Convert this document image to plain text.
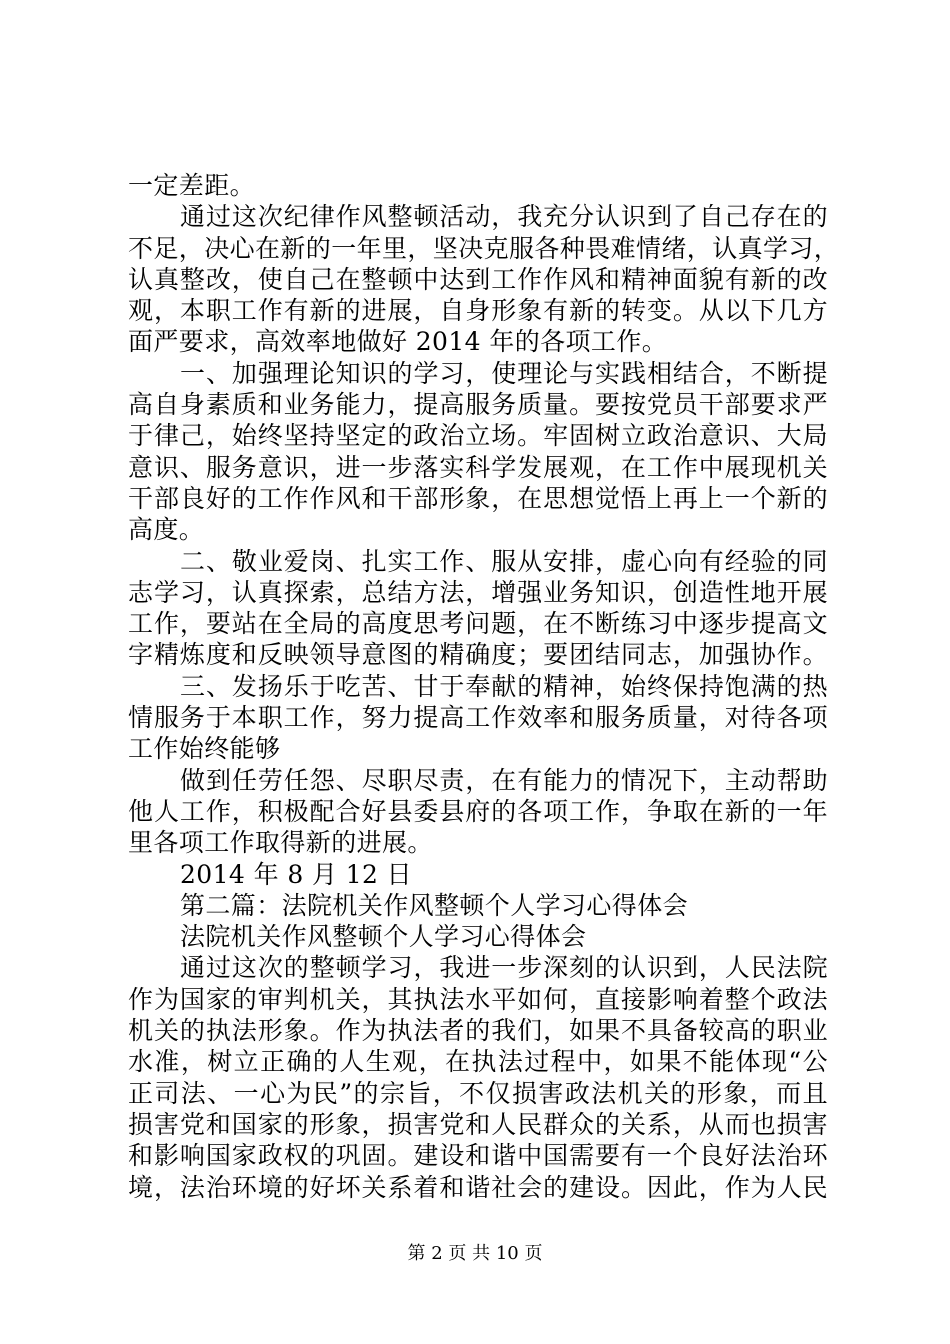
一定差距。
通过这次纪律作风整顿活动，我充分认识到了自己存在的
不足，决心在新的一年里，坚决克服各种畏难情绪，认真学习，
认真整改，使自己在整顿中达到工作作风和精神面貌有新的改
观，本职工作有新的进展，自身形象有新的转变。从以下几方
面严要求，高效率地做好 2014 年的各项工作。
一、加强理论知识的学习，使理论与实践相结合，不断提
高自身素质和业务能力，提高服务质量。要按党员干部要求严
于律己，始终坚持坚定的政治立场。牢固树立政治意识、大局
意识、服务意识，进一步落实科学发展观，在工作中展现机关
干部良好的工作作风和干部形象，在思想觉悟上再上一个新的
高度。
二、敬业爱岗、扎实工作、服从安排，虚心向有经验的同
志学习，认真探索，总结方法，增强业务知识，创造性地开展
工作，要站在全局的高度思考问题，在不断练习中逐步提高文
字精炼度和反映领导意图的精确度；要团结同志，加强协作。
三、发扬乐于吃苦、甘于奉献的精神，始终保持饱满的热
情服务于本职工作，努力提高工作效率和服务质量，对待各项
工作始终能够
做到任劳任怨、尽职尽责，在有能力的情况下，主动帮助
他人工作，积极配合好县委县府的各项工作，争取在新的一年
里各项工作取得新的进展。
2014 年 8 月 12 日
第二篇：法院机关作风整顿个人学习心得体会
法院机关作风整顿个人学习心得体会
通过这次的整顿学习，我进一步深刻的认识到，人民法院
作为国家的审判机关，其执法水平如何，直接影响着整个政法
机关的执法形象。作为执法者的我们，如果不具备较高的职业
水准，树立正确的人生观，在执法过程中，如果不能体现“公
正司法、一心为民”的宗旨，不仅损害政法机关的形象，而且
损害党和国家的形象，损害党和人民群众的关系，从而也损害
和影响国家政权的巩固。建设和谐中国需要有一个良好法治环
境，法治环境的好坏关系着和谐社会的建设。因此，作为人民
第 2 页 共 10 页
